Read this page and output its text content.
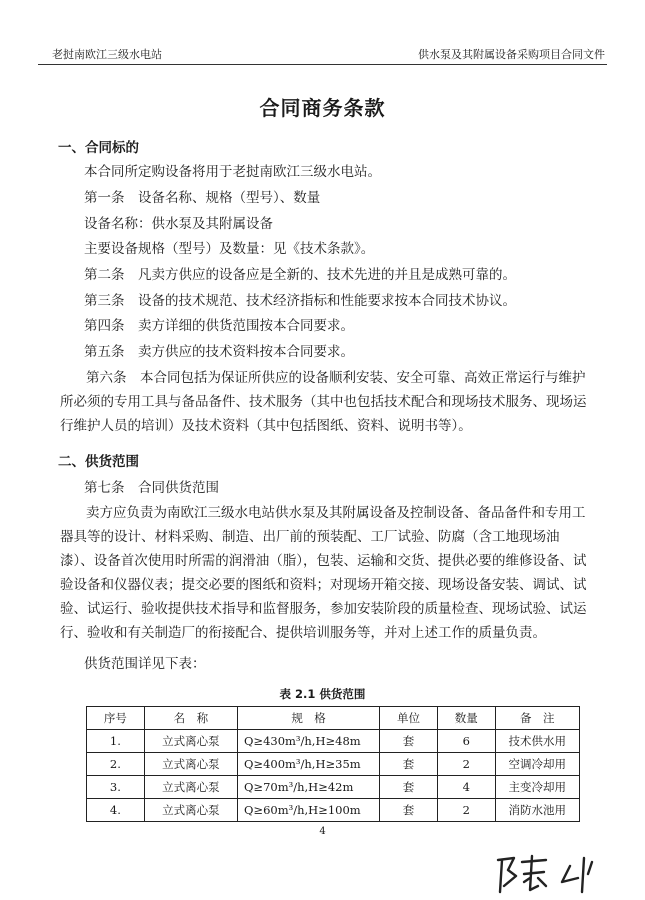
老挝南欧江三级水电站	供水泵及其附属设备采购项目合同文件
合同商务条款
一、合同标的
本合同所定购设备将用于老挝南欧江三级水电站。
第一条　设备名称、规格（型号）、数量
设备名称：供水泵及其附属设备
主要设备规格（型号）及数量：见《技术条款》。
第二条　凡卖方供应的设备应是全新的、技术先进的并且是成熟可靠的。
第三条　设备的技术规范、技术经济指标和性能要求按本合同技术协议。
第四条　卖方详细的供货范围按本合同要求。
第五条　卖方供应的技术资料按本合同要求。
第六条　本合同包括为保证所供应的设备顺利安装、安全可靠、高效正常运行与维护所必须的专用工具与备品备件、技术服务（其中也包括技术配合和现场技术服务、现场运行维护人员的培训）及技术资料（其中包括图纸、资料、说明书等）。
二、供货范围
第七条　合同供货范围
卖方应负责为南欧江三级水电站供水泵及其附属设备及控制设备、备品备件和专用工器具等的设计、材料采购、制造、出厂前的预装配、工厂试验、防腐（含工地现场油漆）、设备首次使用时所需的润滑油（脂），包装、运输和交货、提供必要的维修设备、试验设备和仪器仪表；提交必要的图纸和资料；对现场开箱交接、现场设备安装、调试、试验、试运行、验收提供技术指导和监督服务，参加安装阶段的质量检查、现场试验、试运行、验收和有关制造厂的衔接配合、提供培训服务等，并对上述工作的质量负责。
供货范围详见下表：
表 2.1 供货范围
序号	名　称	规　格	单位	数量	备　注
1.	立式离心泵	Q≥430m³/h,H≥48m	套	6	技术供水用
2.	立式离心泵	Q≥400m³/h,H≥35m	套	2	空调冷却用
3.	立式离心泵	Q≥70m³/h,H≥42m	套	4	主变冷却用
4.	立式离心泵	Q≥60m³/h,H≥100m	套	2	消防水池用
4
